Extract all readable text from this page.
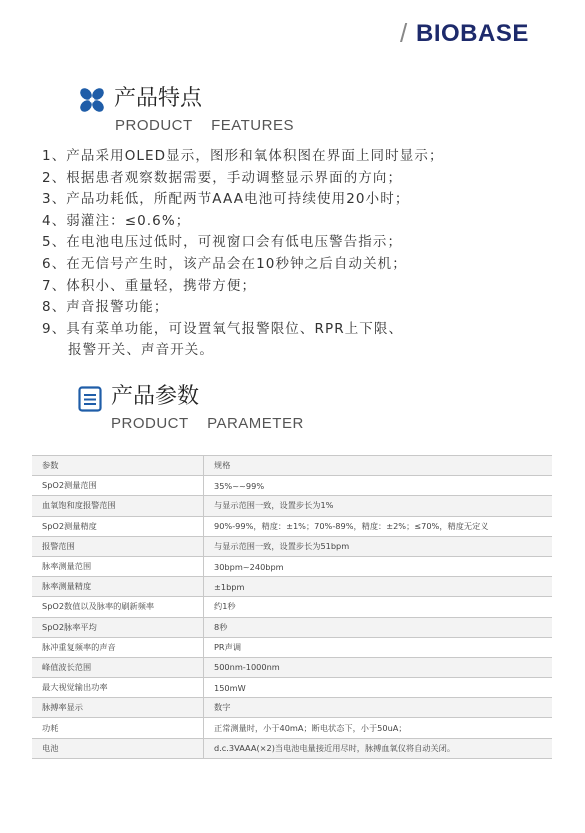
/ BIOBASE
产品特点
PRODUCT    FEATURES
1、产品采用OLED显示，图形和氧体积图在界面上同时显示；
2、根据患者观察数据需要，手动调整显示界面的方向；
3、产品功耗低，所配两节AAA电池可持续使用20小时；
4、弱灌注：≤0.6%；
5、在电池电压过低时，可视窗口会有低电压警告指示；
6、在无信号产生时，该产品会在10秒钟之后自动关机；
7、体积小、重量轻，携带方便；
8、声音报警功能；
9、具有菜单功能，可设置氧气报警限位、RPR上下限、
报警开关、声音开关。
产品参数
PRODUCT    PARAMETER
参数	规格
SpO2测量范围	35%~~99%
血氧饱和度报警范围	与显示范围一致，设置步长为1%
SpO2测量精度	90%-99%，精度：±1%；70%-89%，精度：±2%；≤70%，精度无定义
报警范围	与显示范围一致，设置步长为51bpm
脉率测量范围	30bpm~240bpm
脉率测量精度	±1bpm
SpO2数值以及脉率的刷新频率	约1秒
SpO2脉率平均	8秒
脉冲重复频率的声音	PR声调
峰值波长范围	500nm-1000nm
最大视觉输出功率	150mW
脉搏率显示	数字
功耗	正常测量时，小于40mA；断电状态下，小于50uA；
电池	d.c.3VAAA(×2)当电池电量接近用尽时，脉搏血氧仪将自动关闭。
